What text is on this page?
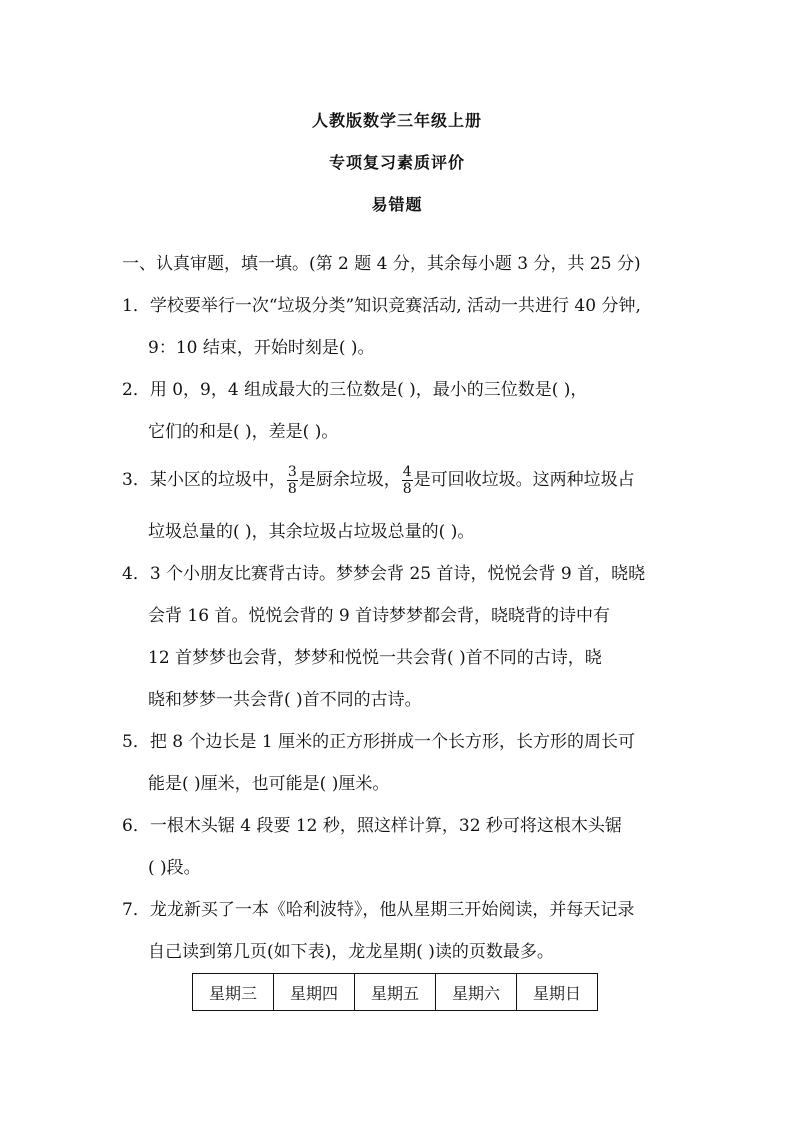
人教版数学三年级上册
专项复习素质评价
易错题
一、认真审题，填一填。(第 2 题 4 分，其余每小题 3 分，共 25 分)
1．学校要举行一次“垃圾分类”知识竞赛活动, 活动一共进行 40 分钟,
9：10 结束，开始时刻是( )。
2．用 0，9，4 组成最大的三位数是( )，最小的三位数是( )，
它们的和是( )，差是( )。
3．某小区的垃圾中， $\frac{3}{8}$ 是厨余垃圾， $\frac{4}{8}$ 是可回收垃圾。这两种垃圾占
垃圾总量的( )，其余垃圾占垃圾总量的( )。
4．3 个小朋友比赛背古诗。梦梦会背 25 首诗，悦悦会背 9 首，晓晓
会背 16 首。悦悦会背的 9 首诗梦梦都会背，晓晓背的诗中有
12 首梦梦也会背，梦梦和悦悦一共会背( )首不同的古诗，晓
晓和梦梦一共会背( )首不同的古诗。
5．把 8 个边长是 1 厘米的正方形拼成一个长方形，长方形的周长可
能是( )厘米，也可能是( )厘米。
6．一根木头锯 4 段要 12 秒，照这样计算，32 秒可将这根木头锯
( )段。
7．龙龙新买了一本《哈利波特》，他从星期三开始阅读，并每天记录
自己读到第几页(如下表)，龙龙星期( )读的页数最多。
星期三	星期四	星期五	星期六	星期日
